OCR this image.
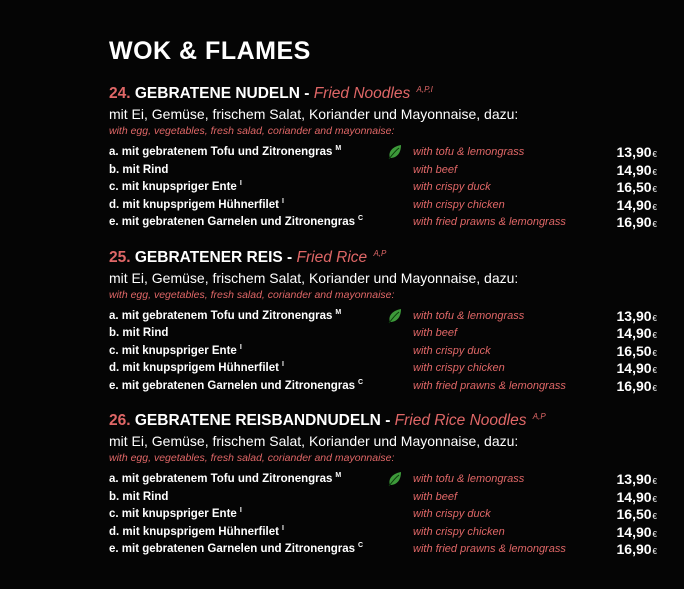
WOK & FLAMES
24. GEBRATENE NUDELN - Fried Noodles $^{A,P,I}$
mit Ei, Gemüse, frischem Salat, Koriander und Mayonnaise, dazu:
with egg, vegetables, fresh salad, coriander and mayonnaise:
a. mit gebratenem Tofu und Zitronengras $^M$	with tofu & lemongrass	13,90€
b. mit Rind	with beef	14,90€
c. mit knupspriger Ente $^I$	with crispy duck	16,50€
d. mit knupsprigem Hühnerfilet $^I$	with crispy chicken	14,90€
e. mit gebratenen Garnelen und Zitronengras $^C$	with fried prawns & lemongrass	16,90€
25. GEBRATENER REIS - Fried Rice $^{A,P}$
mit Ei, Gemüse, frischem Salat, Koriander und Mayonnaise, dazu:
with egg, vegetables, fresh salad, coriander and mayonnaise:
a. mit gebratenem Tofu und Zitronengras $^M$	with tofu & lemongrass	13,90€
b. mit Rind	with beef	14,90€
c. mit knupspriger Ente $^I$	with crispy duck	16,50€
d. mit knupsprigem Hühnerfilet $^I$	with crispy chicken	14,90€
e. mit gebratenen Garnelen und Zitronengras $^C$	with fried prawns & lemongrass	16,90€
26. GEBRATENE REISBANDNUDELN - Fried Rice Noodles $^{A,P}$
mit Ei, Gemüse, frischem Salat, Koriander und Mayonnaise, dazu:
with egg, vegetables, fresh salad, coriander and mayonnaise:
a. mit gebratenem Tofu und Zitronengras $^M$	with tofu & lemongrass	13,90€
b. mit Rind	with beef	14,90€
c. mit knupspriger Ente $^I$	with crispy duck	16,50€
d. mit knupsprigem Hühnerfilet $^I$	with crispy chicken	14,90€
e. mit gebratenen Garnelen und Zitronengras $^C$	with fried prawns & lemongrass	16,90€
